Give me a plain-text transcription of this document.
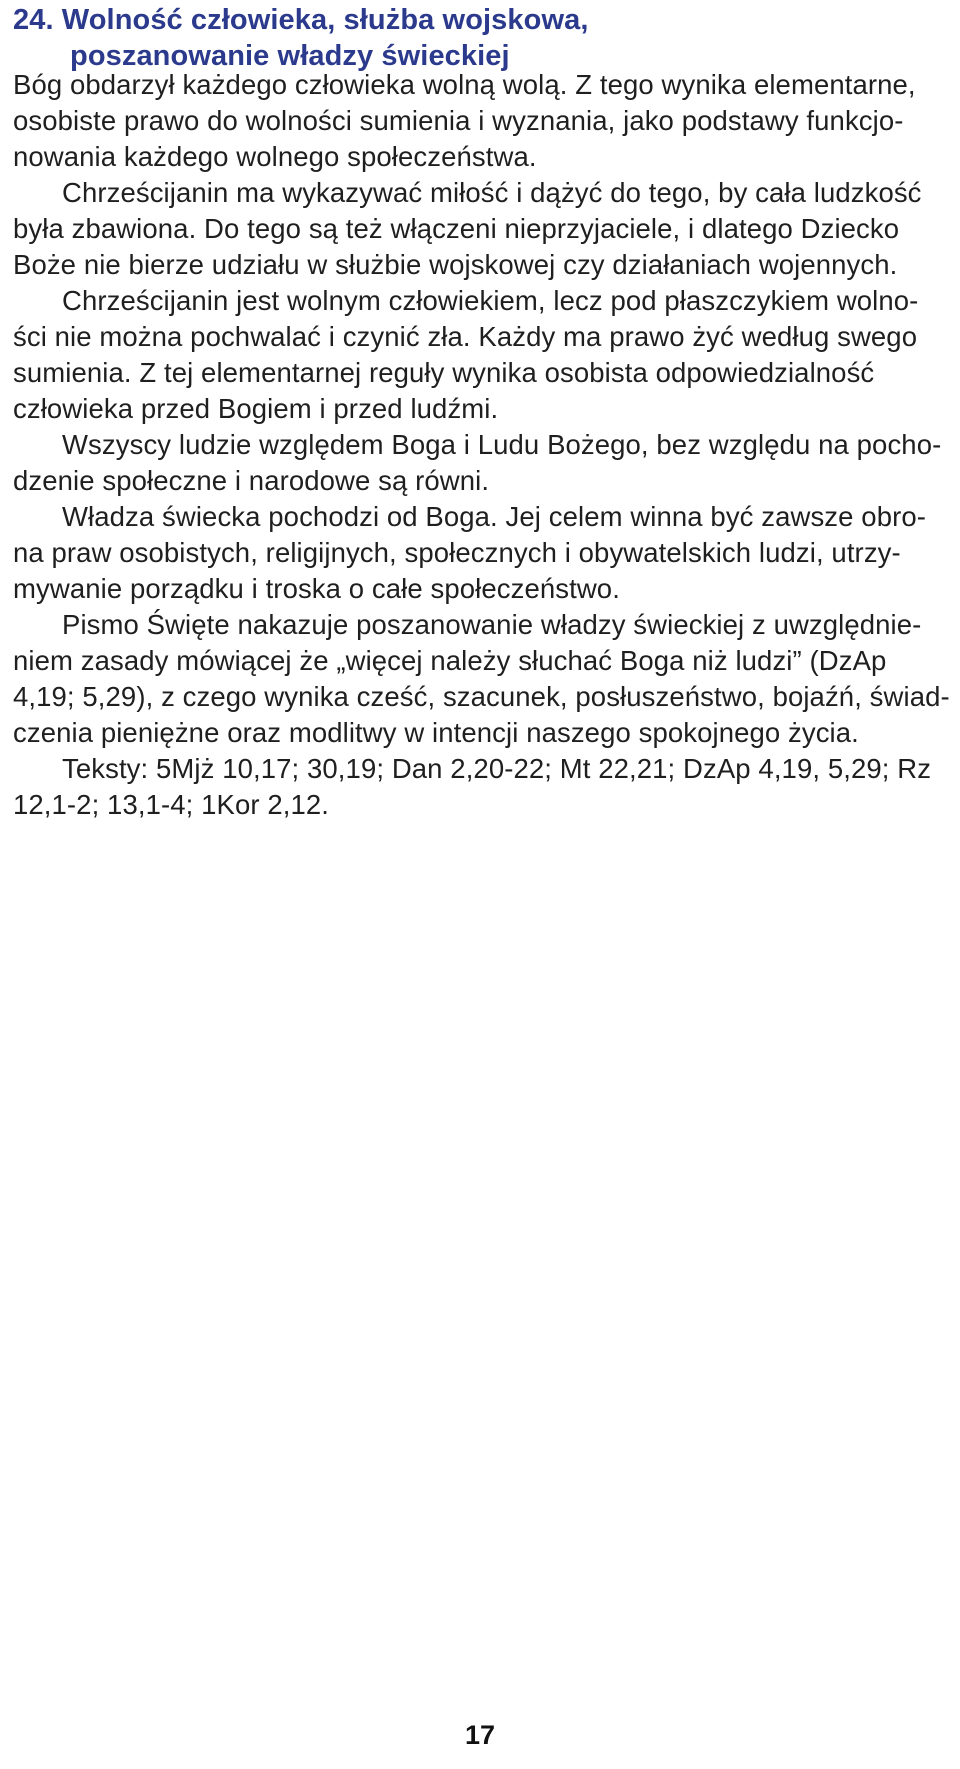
24. Wolność człowieka, służba wojskowa,
poszanowanie władzy świeckiej
Bóg obdarzył każdego człowieka wolną wolą. Z tego wynika elementarne,
osobiste prawo do wolności sumienia i wyznania, jako podstawy funkcjo-
nowania każdego wolnego społeczeństwa.
Chrześcijanin ma wykazywać miłość i dążyć do tego, by cała ludzkość
była zbawiona. Do tego są też włączeni nieprzyjaciele, i dlatego Dziecko
Boże nie bierze udziału w służbie wojskowej czy działaniach wojennych.
Chrześcijanin jest wolnym człowiekiem, lecz pod płaszczykiem wolno-
ści nie można pochwalać i czynić zła. Każdy ma prawo żyć według swego
sumienia. Z tej elementarnej reguły wynika osobista odpowiedzialność
człowieka przed Bogiem i przed ludźmi.
Wszyscy ludzie względem Boga i Ludu Bożego, bez względu na pocho-
dzenie społeczne i narodowe są równi.
Władza świecka pochodzi od Boga. Jej celem winna być zawsze obro-
na praw osobistych, religijnych, społecznych i obywatelskich ludzi, utrzy-
mywanie porządku i troska o całe społeczeństwo.
Pismo Święte nakazuje poszanowanie władzy świeckiej z uwzględnie-
niem zasady mówiącej że „więcej należy słuchać Boga niż ludzi” (DzAp
4,19; 5,29), z czego wynika cześć, szacunek, posłuszeństwo, bojaźń, świad-
czenia pieniężne oraz modlitwy w intencji naszego spokojnego życia.
Teksty: 5Mjż 10,17; 30,19; Dan 2,20-22; Mt 22,21; DzAp 4,19, 5,29; Rz
12,1-2; 13,1-4; 1Kor 2,12.
17
